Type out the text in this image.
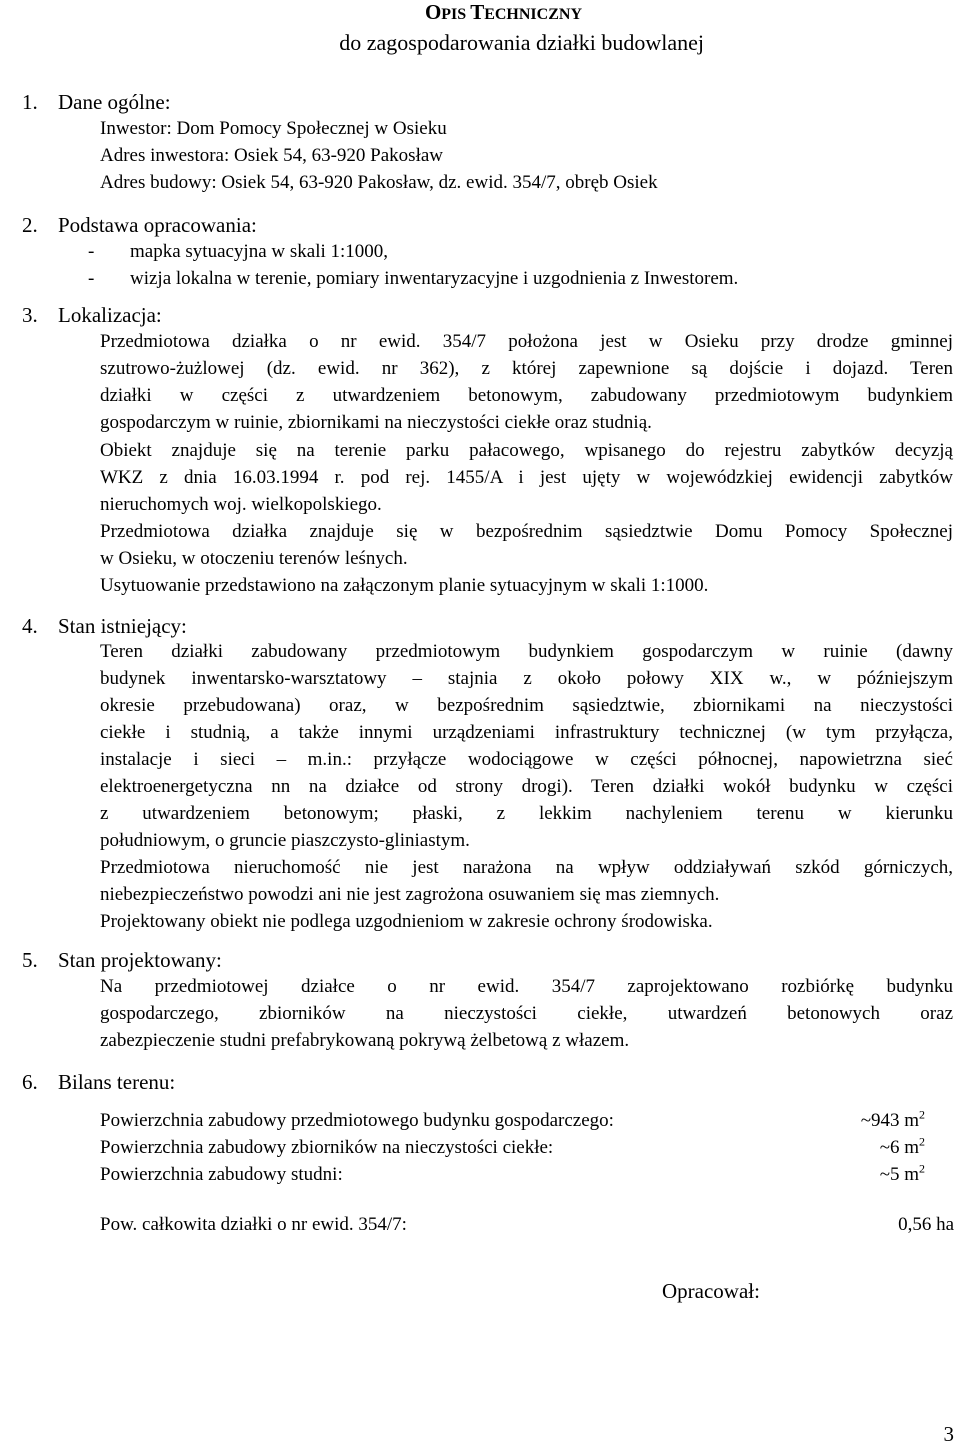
OPIS TECHNICZNY
do zagospodarowania działki budowlanej
1. Dane ogólne:
Inwestor: Dom Pomocy Społecznej w Osieku
Adres inwestora: Osiek 54, 63-920 Pakosław
Adres budowy: Osiek 54, 63-920 Pakosław, dz. ewid. 354/7, obręb Osiek
2. Podstawa opracowania:
- mapka sytuacyjna w skali 1:1000,
- wizja lokalna w terenie, pomiary inwentaryzacyjne i uzgodnienia z Inwestorem.
3. Lokalizacja:
Przedmiotowa działka o nr ewid. 354/7 położona jest w Osieku przy drodze gminnej
szutrowo-żużlowej (dz. ewid. nr 362), z której zapewnione są dojście i dojazd. Teren
działki w części z utwardzeniem betonowym, zabudowany przedmiotowym budynkiem
gospodarczym w ruinie, zbiornikami na nieczystości ciekłe oraz studnią.
Obiekt znajduje się na terenie parku pałacowego, wpisanego do rejestru zabytków decyzją
WKZ z dnia 16.03.1994 r. pod rej. 1455/A i jest ujęty w wojewódzkiej ewidencji zabytków
nieruchomych woj. wielkopolskiego.
Przedmiotowa działka znajduje się w bezpośrednim sąsiedztwie Domu Pomocy Społecznej
w Osieku, w otoczeniu terenów leśnych.
Usytuowanie przedstawiono na załączonym planie sytuacyjnym w skali 1:1000.
4. Stan istniejący:
Teren działki zabudowany przedmiotowym budynkiem gospodarczym w ruinie (dawny
budynek inwentarsko-warsztatowy – stajnia z około połowy XIX w., w późniejszym
okresie przebudowana) oraz, w bezpośrednim sąsiedztwie, zbiornikami na nieczystości
ciekłe i studnią, a także innymi urządzeniami infrastruktury technicznej (w tym przyłącza,
instalacje i sieci – m.in.: przyłącze wodociągowe w części północnej, napowietrzna sieć
elektroenergetyczna nn na działce od strony drogi). Teren działki wokół budynku w części
z utwardzeniem betonowym; płaski, z lekkim nachyleniem terenu w kierunku
południowym, o gruncie piaszczysto-gliniastym.
Przedmiotowa nieruchomość nie jest narażona na wpływ oddziaływań szkód górniczych,
niebezpieczeństwo powodzi ani nie jest zagrożona osuwaniem się mas ziemnych.
Projektowany obiekt nie podlega uzgodnieniom w zakresie ochrony środowiska.
5. Stan projektowany:
Na przedmiotowej działce o nr ewid. 354/7 zaprojektowano rozbiórkę budynku
gospodarczego, zbiorników na nieczystości ciekłe, utwardzeń betonowych oraz
zabezpieczenie studni prefabrykowaną pokrywą żelbetową z włazem.
6. Bilans terenu:
Powierzchnia zabudowy przedmiotowego budynku gospodarczego:	~943 $m^2$
Powierzchnia zabudowy zbiorników na nieczystości ciekłe:	~6 $m^2$
Powierzchnia zabudowy studni:	~5 $m^2$
Pow. całkowita działki o nr ewid. 354/7:	0,56 ha
Opracował:
3
